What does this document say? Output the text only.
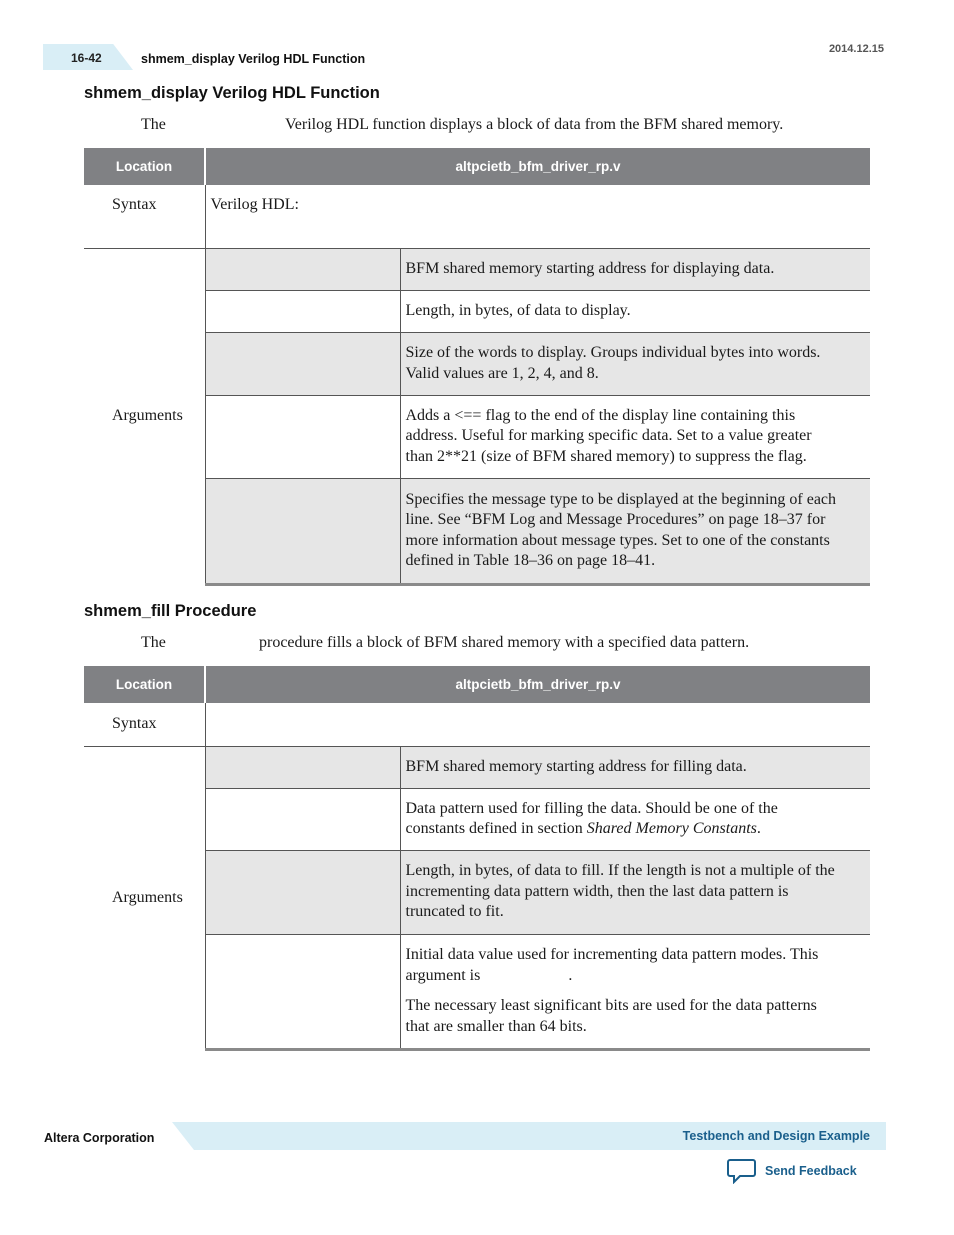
16-42	shmem_display Verilog HDL Function
2014.12.15
shmem_display Verilog HDL Function
The	Verilog HDL function displays a block of data from the BFM shared memory.
Location	altpcietb_bfm_driver_rp.v	
Syntax	Verilog HDL:	
Arguments		BFM shared memory starting address for displaying data.
		Length, in bytes, of data to display.
		Size of the words to display. Groups individual bytes into words. Valid values are 1, 2, 4, and 8.
		Adds a <== flag to the end of the display line containing this address. Useful for marking specific data. Set to a value greater than 2**21 (size of BFM shared memory) to suppress the flag.
		Specifies the message type to be displayed at the beginning of each line. See “BFM Log and Message Procedures” on page 18–37 for more information about message types. Set to one of the constants defined in Table 18–36 on page 18–41.
shmem_fill Procedure
The	procedure fills a block of BFM shared memory with a specified data pattern.
Location	altpcietb_bfm_driver_rp.v	
Syntax		
Arguments		BFM shared memory starting address for filling data.
		Data pattern used for filling the data. Should be one of the constants defined in section Shared Memory Constants.
		Length, in bytes, of data to fill. If the length is not a multiple of the incrementing data pattern width, then the last data pattern is truncated to fit.

		Initial data value used for incrementing data pattern modes. This argument is .

The necessary least significant bits are used for the data patterns that are smaller than 64 bits.

Altera Corporation	Testbench and Design Example
Send Feedback
